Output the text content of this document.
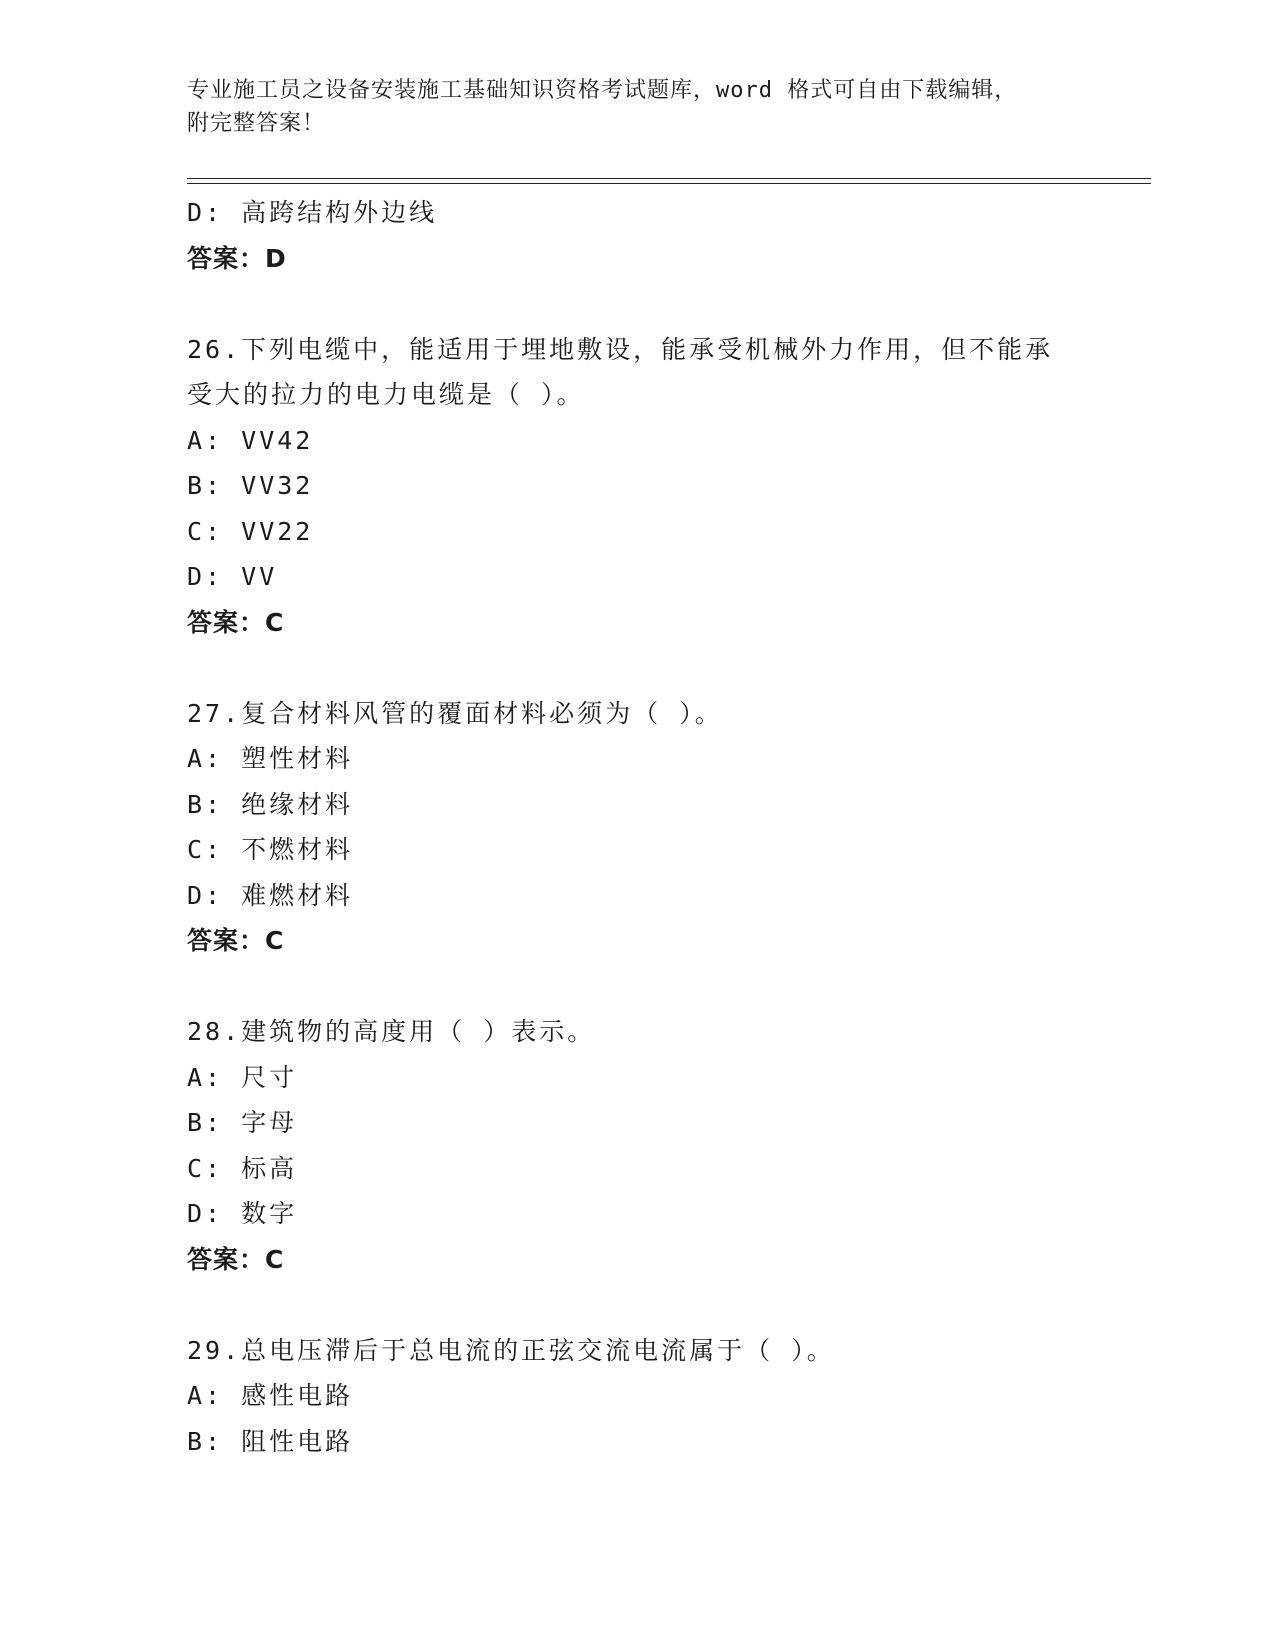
专业施工员之设备安装施工基础知识资格考试题库，word 格式可自由下载编辑，
附完整答案！
D: 高跨结构外边线
答案：D
26.下列电缆中，能适用于埋地敷设，能承受机械外力作用，但不能承
受大的拉力的电力电缆是（ ）。
A: VV42
B: VV32
C: VV22
D: VV
答案：C
27.复合材料风管的覆面材料必须为（ ）。
A: 塑性材料
B: 绝缘材料
C: 不燃材料
D: 难燃材料
答案：C
28.建筑物的高度用（ ）表示。
A: 尺寸
B: 字母
C: 标高
D: 数字
答案：C
29.总电压滞后于总电流的正弦交流电流属于（ ）。
A: 感性电路
B: 阻性电路
